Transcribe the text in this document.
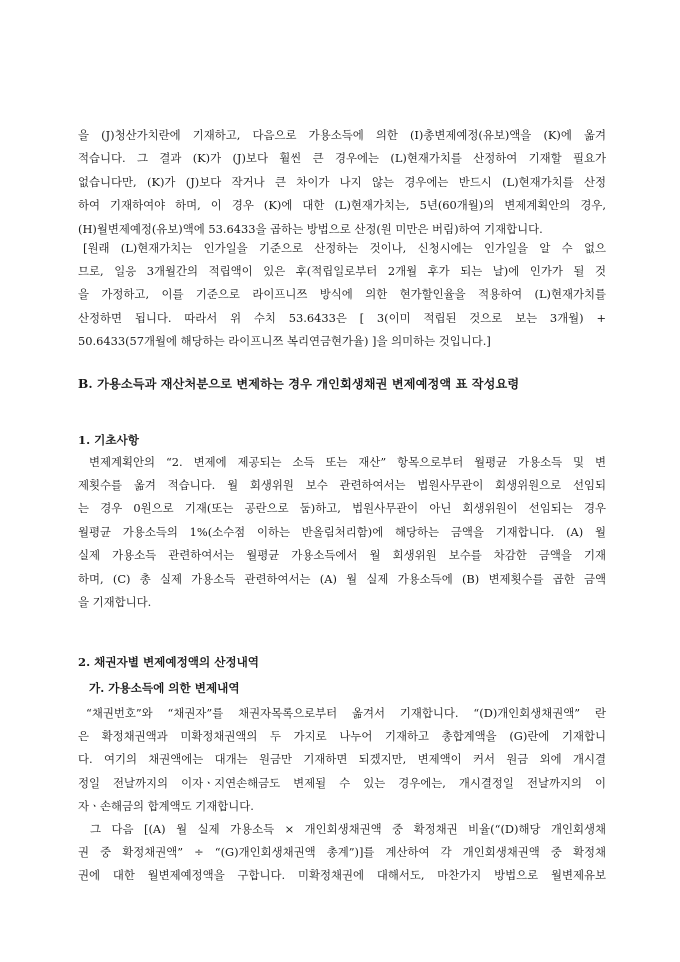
을 (J)청산가치란에 기재하고, 다음으로 가용소득에 의한 (I)총변제예정(유보)액을 (K)에 옮겨
적습니다. 그 결과 (K)가 (J)보다 훨씬 큰 경우에는 (L)현재가치를 산정하여 기재할 필요가
없습니다만, (K)가 (J)보다 작거나 큰 차이가 나지 않는 경우에는 반드시 (L)현재가치를 산정
하여 기재하여야 하며, 이 경우 (K)에 대한 (L)현재가치는, 5년(60개월)의 변제계획안의 경우,
(H)월변제예정(유보)액에 53.6433을 곱하는 방법으로 산정(원 미만은 버림)하여 기재합니다.

[원래 (L)현재가치는 인가일을 기준으로 산정하는 것이나, 신청시에는 인가일을 알 수 없으

므로, 일응 3개월간의 적립액이 있은 후(적립일로부터 2개월 후가 되는 날)에 인가가 될 것
을 가정하고, 이를 기준으로 라이프니쯔 방식에 의한 현가할인율을 적용하여 (L)현재가치를
산정하면 됩니다. 따라서 위 수치 53.6433은 [ 3(이미 적립된 것으로 보는 3개월) +
50.6433(57개월에 해당하는 라이프니쯔 복리연금현가율) ]을 의미하는 것입니다.]

B. 가용소득과 재산처분으로 변제하는 경우 개인회생채권 변제예정액 표 작성요령

1. 기초사항

변제계획안의 “2. 변제에 제공되는 소득 또는 재산” 항목으로부터 월평균 가용소득 및 변

제횟수를 옮겨 적습니다. 월 회생위원 보수 관련하여서는 법원사무관이 회생위원으로 선임되
는 경우 0원으로 기재(또는 공란으로 둠)하고, 법원사무관이 아닌 회생위원이 선임되는 경우
월평균 가용소득의 1%(소수점 이하는 반올림처리함)에 해당하는 금액을 기재합니다. (A) 월
실제 가용소득 관련하여서는 월평균 가용소득에서 월 회생위원 보수를 차감한 금액을 기재
하며, (C) 총 실제 가용소득 관련하여서는 (A) 월 실제 가용소득에 (B) 변제횟수를 곱한 금액
을 기재합니다.

2. 채권자별 변제예정액의 산정내역

가. 가용소득에 의한 변제내역

“채권번호”와 “채권자”를 채권자목록으로부터 옮겨서 기재합니다. “(D)개인회생채권액” 란

은 확정채권액과 미확정채권액의 두 가지로 나누어 기재하고 총합계액을 (G)란에 기재합니
다. 여기의 채권액에는 대개는 원금만 기재하면 되겠지만, 변제액이 커서 원금 외에 개시결
정일 전날까지의 이자ㆍ지연손해금도 변제될 수 있는 경우에는, 개시결정일 전날까지의 이
자ㆍ손해금의 합계액도 기재합니다.

그 다음 [(A) 월 실제 가용소득 × 개인회생채권액 중 확정채권 비율(“(D)해당 개인회생채

권 중 확정채권액” ÷ “(G)개인회생채권액 총계”)]를 계산하여 각 개인회생채권액 중 확정채
권에 대한 월변제예정액을 구합니다. 미확정채권에 대해서도, 마찬가지 방법으로 월변제유보
